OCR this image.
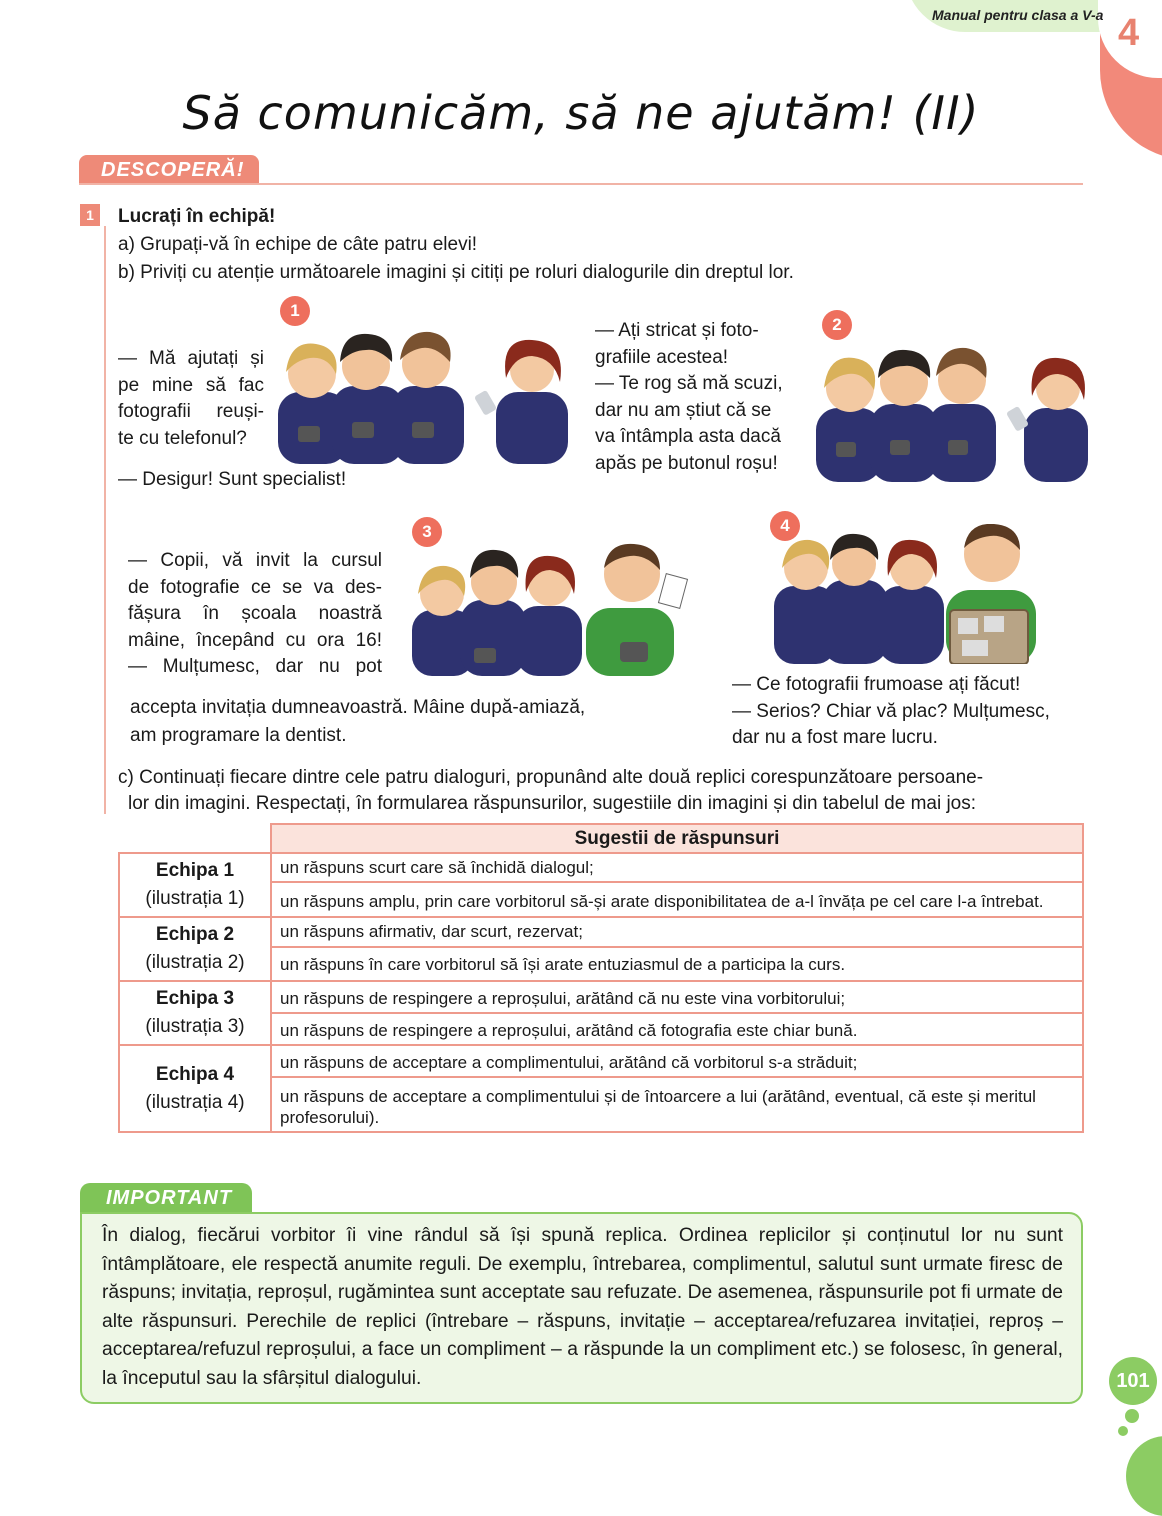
Manual pentru clasa a V-a 4
Să comunicăm, să ne ajutăm! (II)
DESCOPERĂ!
1	Lucrați în echipă!
a) Grupați-vă în echipe de câte patru elevi!
b) Priviți cu atenție următoarele imagini și citiți pe roluri dialogurile din dreptul lor.
— Mă ajutați și
pe mine să fac
fotografii reuși-
te cu telefonul?
— Desigur! Sunt specialist!
1
— Ați stricat și foto-
grafiile acestea!
— Te rog să mă scuzi,
dar nu am știut că se
va întâmpla asta dacă
apăs pe butonul roșu!
2
3
— Copii, vă invit la cursul
de fotografie ce se va des-
fășura în școala noastră
mâine, începând cu ora 16!
— Mulțumesc, dar nu pot
accepta invitația dumneavoastră. Mâine după-amiază,
am programare la dentist.
4
— Ce fotografii frumoase ați făcut!
— Serios? Chiar vă plac? Mulțumesc,
dar nu a fost mare lucru.
c) Continuați fiecare dintre cele patru dialoguri, propunând alte două replici corespunzătoare persoane-
lor din imagini. Respectați, în formularea răspunsurilor, sugestiile din imagini și din tabelul de mai jos:
	Sugestii de răspunsuri
Echipa 1
(ilustrația 1)	un răspuns scurt care să închidă dialogul;
	un răspuns amplu, prin care vorbitorul să-și arate disponibilitatea de a-l învăța pe cel care l-a întrebat.
Echipa 2
(ilustrația 2)	un răspuns afirmativ, dar scurt, rezervat;
	un răspuns în care vorbitorul să își arate entuziasmul de a participa la curs.
Echipa 3
(ilustrația 3)	un răspuns de respingere a reproșului, arătând că nu este vina vorbitorului;
	un răspuns de respingere a reproșului, arătând că fotografia este chiar bună.
Echipa 4
(ilustrația 4)	un răspuns de acceptare a complimentului, arătând că vorbitorul s-a străduit;
	un răspuns de acceptare a complimentului și de întoarcere a lui (arătând, eventual, că este și meritul profesorului).
IMPORTANT
În dialog, fiecărui vorbitor îi vine rândul să își spună replica. Ordinea replicilor și conținutul lor nu sunt întâmplătoare, ele respectă anumite reguli. De exemplu, întrebarea, complimentul, salutul sunt urmate firesc de răspuns; invitația, reproșul, rugămintea sunt acceptate sau refuzate. De asemenea, răspunsurile pot fi urmate de alte răspunsuri. Perechile de replici (întrebare – răspuns, invitație – acceptarea/refuzarea invitației, reproș – acceptarea/refuzul reproșului, a face un compliment – a răspunde la un compliment etc.) se folosesc, în general, la începutul sau la sfârșitul dialogului.	101
